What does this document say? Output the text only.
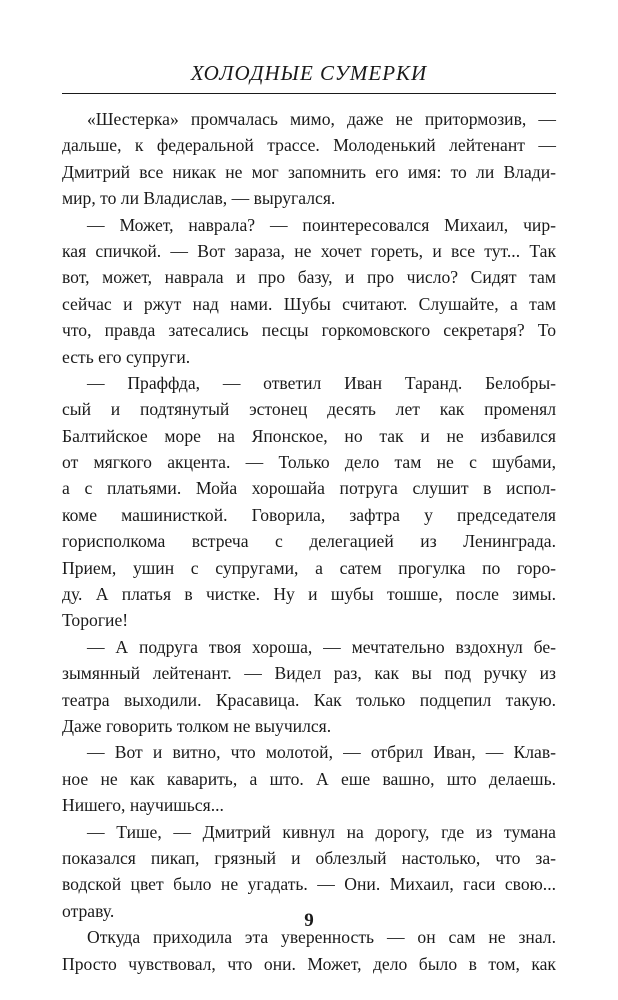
ХОЛОДНЫЕ СУМЕРКИ
«Шестерка» промчалась мимо, даже не притормозив, —
дальше, к федеральной трассе. Молоденький лейтенант —
Дмитрий все никак не мог запомнить его имя: то ли Влади-
мир, то ли Владислав, — выругался.
— Может, наврала? — поинтересовался Михаил, чир-
кая спичкой. — Вот зараза, не хочет гореть, и все тут... Так
вот, может, наврала и про базу, и про число? Сидят там
сейчас и ржут над нами. Шубы считают. Слушайте, а там
что, правда затесались песцы горкомовского секретаря? То
есть его супруги.
— Праффда, — ответил Иван Таранд. Белобры-
сый и подтянутый эстонец десять лет как променял
Балтийское море на Японское, но так и не избавился
от мягкого акцента. — Только дело там не с шубами,
а с платьями. Мойа хорошайа потруга слушит в испол-
коме машинисткой. Говорила, зафтра у председателя
горисполкома встреча с делегацией из Ленинграда.
Прием, ушин с супругами, а сатем прогулка по горо-
ду. А платья в чистке. Ну и шубы тошше, после зимы.
Торогие!
— А подруга твоя хороша, — мечтательно вздохнул бе-
зымянный лейтенант. — Видел раз, как вы под ручку из
театра выходили. Красавица. Как только подцепил такую.
Даже говорить толком не выучился.
— Вот и витно, что молотой, — отбрил Иван, — Клав-
ное не как каварить, а што. А еше вашно, што делаешь.
Нишего, научишься...
— Тише, — Дмитрий кивнул на дорогу, где из тумана
показался пикап, грязный и облезлый настолько, что за-
водской цвет было не угадать. — Они. Михаил, гаси свою...
отраву.
Откуда приходила эта уверенность — он сам не знал.
Просто чувствовал, что они. Может, дело было в том, как
9
